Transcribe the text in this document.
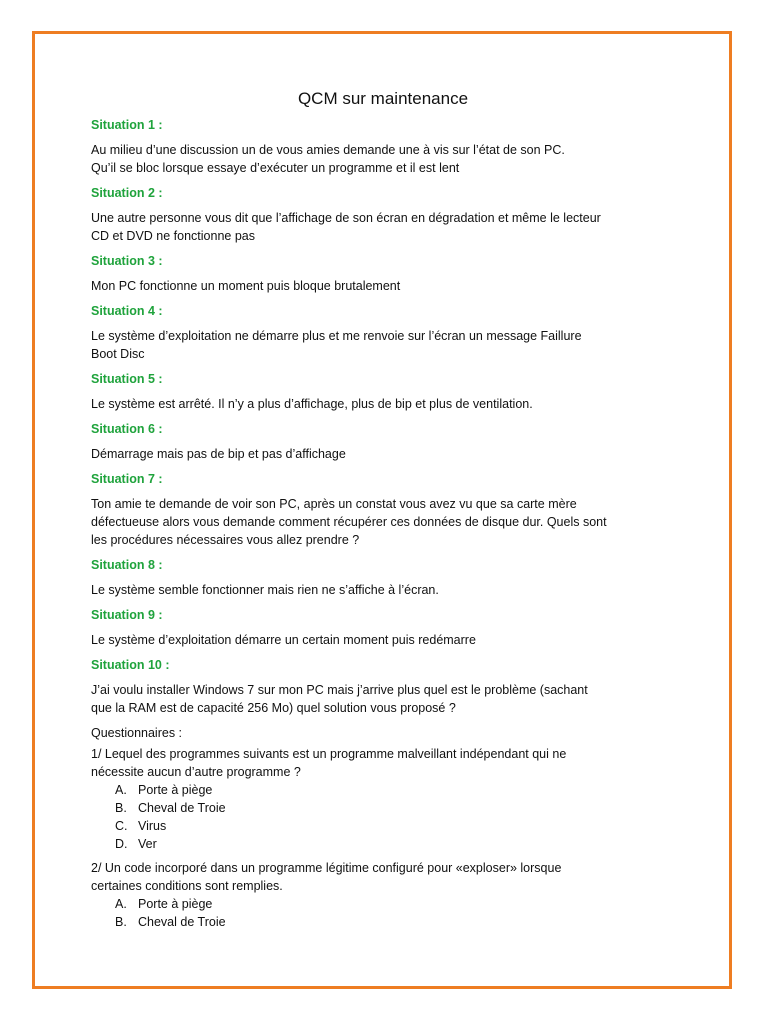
QCM sur maintenance

Situation 1 :

Au milieu d’une discussion un de vous amies demande une à vis sur l’état de son PC.

Qu’il se bloc lorsque essaye d’exécuter un programme et il est lent

Situation 2 :

Une autre personne vous dit que l’affichage de son écran en dégradation et même le lecteur

CD et DVD ne fonctionne pas

Situation 3 :

Mon PC fonctionne un moment puis bloque brutalement

Situation 4 :

Le système d’exploitation ne démarre plus et me renvoie sur l’écran un message Faillure

Boot Disc

Situation 5 :

Le système est arrêté. Il n’y a plus d’affichage, plus de bip et plus de ventilation.

Situation 6 :

Démarrage mais pas de bip et pas d’affichage

Situation 7 :

Ton amie te demande de voir son PC, après un constat vous avez vu que sa carte mère

défectueuse alors vous demande comment récupérer ces données de disque dur. Quels sont

les procédures nécessaires vous allez prendre ?

Situation 8 :

Le système semble fonctionner mais rien ne s’affiche à l’écran.

Situation 9 :

Le système d’exploitation démarre un certain moment puis redémarre

Situation 10 :

J’ai voulu installer Windows 7 sur mon PC mais j’arrive plus quel est le problème (sachant

que la RAM est de capacité 256 Mo) quel solution vous proposé ?

Questionnaires :

1/ Lequel des programmes suivants est un programme malveillant indépendant qui ne

nécessite aucun d’autre programme ?

A. Porte à piège
B. Cheval de Troie
C. Virus
D. Ver

2/ Un code incorporé dans un programme légitime configuré pour «exploser» lorsque

certaines conditions sont remplies.

A. Porte à piège
B. Cheval de Troie
